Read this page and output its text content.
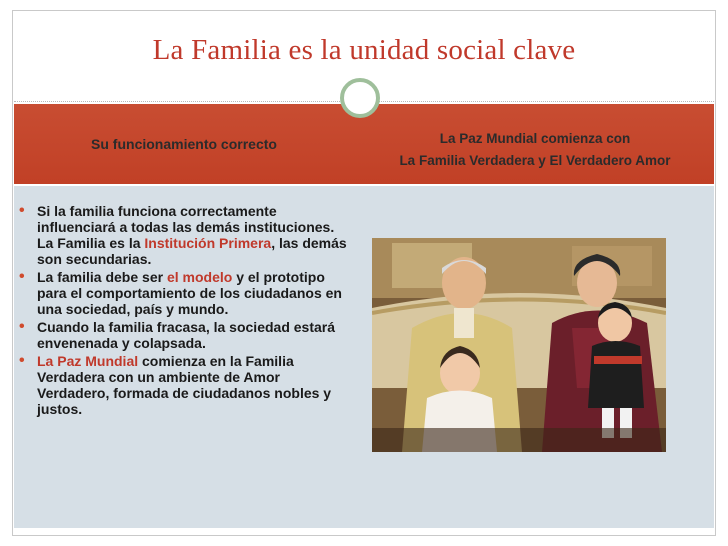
La Familia es la unidad social clave
Su funcionamiento correcto	La Paz Mundial comienza con
La Familia Verdadera y El Verdadero Amor
• Si la familia funciona correctamente influenciará a todas las demás instituciones. La Familia es la Institución Primera, las demás son secundarias.
• La familia debe ser el modelo y el prototipo para el comportamiento de los ciudadanos en una sociedad, país y mundo.
• Cuando la familia fracasa, la sociedad estará envenenada y colapsada.
• La Paz Mundial comienza en la Familia Verdadera con un ambiente de Amor Verdadero, formada de ciudadanos nobles y justos.
